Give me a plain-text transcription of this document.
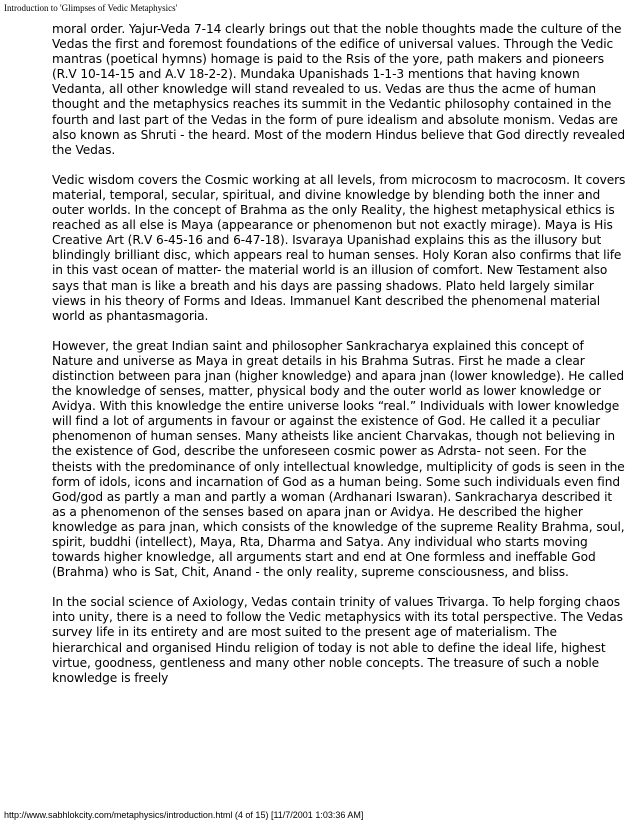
Introduction to 'Glimpses of Vedic Metaphysics'

moral order. Yajur-Veda 7-14 clearly brings out that the noble thoughts made the culture of the Vedas the first and foremost foundations of the edifice of universal values. Through the Vedic mantras (poetical hymns) homage is paid to the Rsis of the yore, path makers and pioneers (R.V 10-14-15 and A.V 18-2-2). Mundaka Upanishads 1-1-3 mentions that having known Vedanta, all other knowledge will stand revealed to us. Vedas are thus the acme of human thought and the metaphysics reaches its summit in the Vedantic philosophy contained in the fourth and last part of the Vedas in the form of pure idealism and absolute monism. Vedas are also known as Shruti - the heard. Most of the modern Hindus believe that God directly revealed the Vedas.

Vedic wisdom covers the Cosmic working at all levels, from microcosm to macrocosm. It covers material, temporal, secular, spiritual, and divine knowledge by blending both the inner and outer worlds. In the concept of Brahma as the only Reality, the highest metaphysical ethics is reached as all else is Maya (appearance or phenomenon but not exactly mirage). Maya is His Creative Art (R.V 6-45-16 and 6-47-18). Isvaraya Upanishad explains this as the illusory but blindingly brilliant disc, which appears real to human senses. Holy Koran also confirms that life in this vast ocean of matter- the material world is an illusion of comfort. New Testament also says that man is like a breath and his days are passing shadows. Plato held largely similar views in his theory of Forms and Ideas. Immanuel Kant described the phenomenal material world as phantasmagoria.

However, the great Indian saint and philosopher Sankracharya explained this concept of Nature and universe as Maya in great details in his Brahma Sutras. First he made a clear distinction between para jnan (higher knowledge) and apara jnan (lower knowledge). He called the knowledge of senses, matter, physical body and the outer world as lower knowledge or Avidya. With this knowledge the entire universe looks “real.” Individuals with lower knowledge will find a lot of arguments in favour or against the existence of God. He called it a peculiar phenomenon of human senses. Many atheists like ancient Charvakas, though not believing in the existence of God, describe the unforeseen cosmic power as Adrsta- not seen. For the theists with the predominance of only intellectual knowledge, multiplicity of gods is seen in the form of idols, icons and incarnation of God as a human being. Some such individuals even find God/god as partly a man and partly a woman (Ardhanari Iswaran). Sankracharya described it as a phenomenon of the senses based on apara jnan or Avidya. He described the higher knowledge as para jnan, which consists of the knowledge of the supreme Reality Brahma, soul, spirit, buddhi (intellect), Maya, Rta, Dharma and Satya. Any individual who starts moving towards higher knowledge, all arguments start and end at One formless and ineffable God (Brahma) who is Sat, Chit, Anand - the only reality, supreme consciousness, and bliss.

In the social science of Axiology, Vedas contain trinity of values Trivarga. To help forging chaos into unity, there is a need to follow the Vedic metaphysics with its total perspective. The Vedas survey life in its entirety and are most suited to the present age of materialism. The hierarchical and organised Hindu religion of today is not able to define the ideal life, highest virtue, goodness, gentleness and many other noble concepts. The treasure of such a noble knowledge is freely

http://www.sabhlokcity.com/metaphysics/introduction.html (4 of 15) [11/7/2001 1:03:36 AM]
